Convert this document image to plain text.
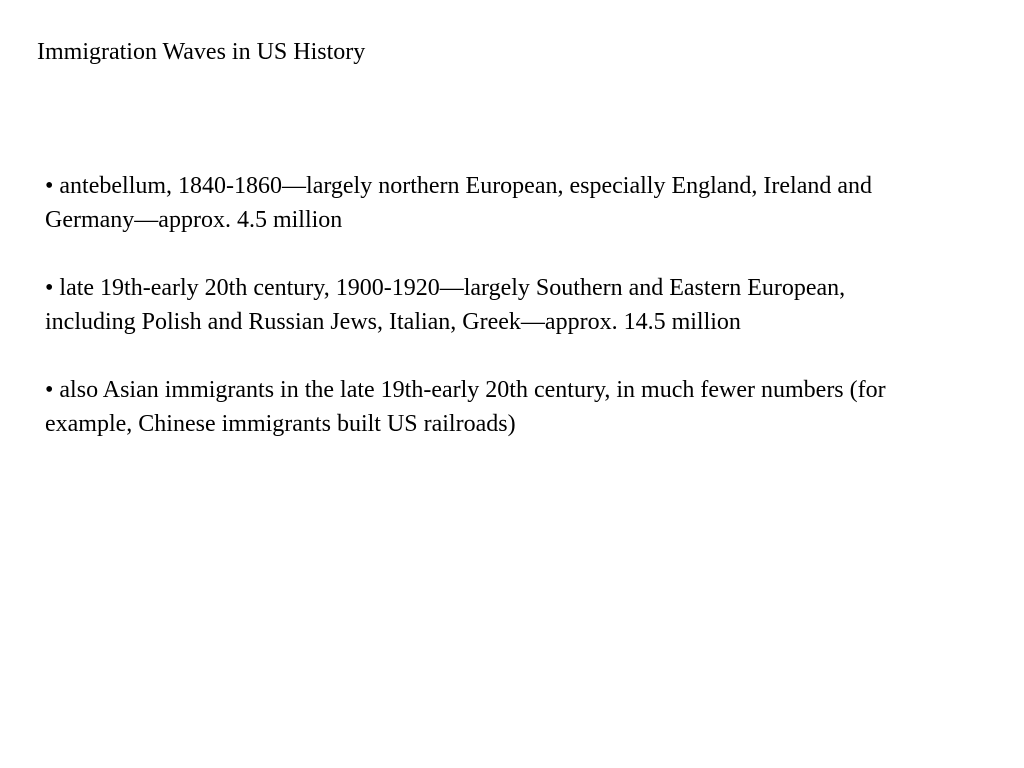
Immigration Waves in US History

• antebellum, 1840-1860—largely northern European, especially England, Ireland and Germany—approx. 4.5 million

• late 19th-early 20th century, 1900-1920—largely Southern and Eastern European, including Polish and Russian Jews, Italian, Greek—approx. 14.5 million

• also Asian immigrants in the late 19th-early 20th century, in much fewer numbers (for example, Chinese immigrants built US railroads)
